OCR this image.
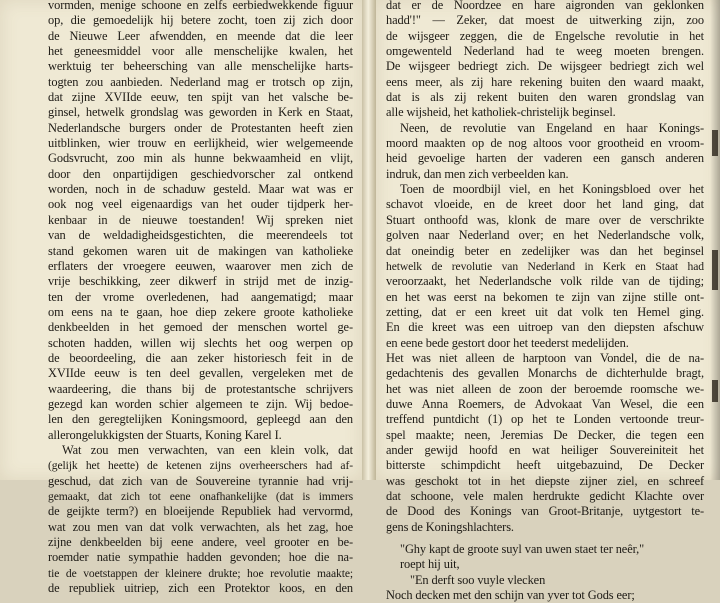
vormden, menige schoone en zelfs eerbiedwekkende figuur
op, die gemoedelijk hij betere zocht, toen zij zich door
de Nieuwe Leer afwendden, en meende dat die leer
het geneesmiddel voor alle menschelijke kwalen, het
werktuig ter beheersching van alle menschelijke harts-
togten zou aanbieden. Nederland mag er trotsch op zijn,
dat zijne XVIIde eeuw, ten spijt van het valsche be-
ginsel, hetwelk grondslag was geworden in Kerk en Staat,
Nederlandsche burgers onder de Protestanten heeft zien
uitblinken, wier trouw en eerlijkheid, wier welgemeende
Godsvrucht, zoo min als hunne bekwaamheid en vlijt,
door den onpartijdigen geschiedvorscher zal ontkend
worden, noch in de schaduw gesteld. Maar wat was er
ook nog veel eigenaardigs van het ouder tijdperk her-
kenbaar in de nieuwe toestanden! Wij spreken niet
van de weldadigheidsgestichten, die meerendeels tot
stand gekomen waren uit de makingen van katholieke
erflaters der vroegere eeuwen, waarover men zich de
vrije beschikking, zeer dikwerf in strijd met de inzig-
ten der vrome overledenen, had aangematigd; maar
om eens na te gaan, hoe diep zekere groote katholieke
denkbeelden in het gemoed der menschen wortel ge-
schoten hadden, willen wij slechts het oog werpen op
de beoordeeling, die aan zeker historiesch feit in de
XVIIde eeuw is ten deel gevallen, vergeleken met de
waardeering, die thans bij de protestantsche schrijvers
gezegd kan worden schier algemeen te zijn. Wij bedoe-
len den geregtelijken Koningsmoord, gepleegd aan den
allerongelukkigsten der Stuarts, Koning Karel I.
Wat zou men verwachten, van een klein volk, dat
(gelijk het heette) de ketenen zijns overheerschers had af-
geschud, dat zich van de Souvereine tyrannie had vrij-
gemaakt, dat zich tot eene onafhankelijke (dat is immers
de geijkte term?) en bloeijende Republiek had vervormd,
wat zou men van dat volk verwachten, als het zag, hoe
zijne denkbeelden bij eene andere, veel grooter en be-
roemder natie sympathie hadden gevonden; hoe die na-
tie de voetstappen der kleinere drukte; hoe revolutie maakte;
de republiek uitriep, zich een Protektor koos, en den
dat er de Noordzee en hare aigronden van geklonken
hadd'!" — Zeker, dat moest de uitwerking zijn, zoo
de wijsgeer zeggen, die de Engelsche revolutie in het
omgewenteld Nederland had te weeg moeten brengen.
De wijsgeer bedriegt zich. De wijsgeer bedriegt zich wel
eens meer, als zij hare rekening buiten den waard maakt,
dat is als zij rekent buiten den waren grondslag van
alle wijsheid, het katholiek-christelijk beginsel.
Neen, de revolutie van Engeland en haar Konings-
moord maakten op de nog altoos voor grootheid en vroom-
heid gevoelige harten der vaderen een gansch anderen
indruk, dan men zich verbeelden kan.
Toen de moordbijl viel, en het Koningsbloed over het
schavot vloeide, en de kreet door het land ging, dat
Stuart onthoofd was, klonk de mare over de verschrikte
golven naar Nederland over; en het Nederlandsche volk,
dat oneindig beter en zedelijker was dan het beginsel
hetwelk de revolutie van Nederland in Kerk en Staat had
veroorzaakt, het Nederlandsche volk rilde van de tijding;
en het was eerst na bekomen te zijn van zijne stille ont-
zetting, dat er een kreet uit dat volk ten Hemel ging.
En die kreet was een uitroep van den diepsten afschuw
en eene bede gestort door het teederst medelijden.
Het was niet alleen de harptoon van Vondel, die de na-
gedachtenis des gevallen Monarchs de dichterhulde bragt,
het was niet alleen de zoon der beroemde roomsche we-
duwe Anna Roemers, de Advokaat Van Wesel, die een
treffend puntdicht (1) op het te Londen vertoonde treur-
spel maakte; neen, Jeremias De Decker, die tegen een
ander gewijd hoofd en wat heiliger Souvereiniteit het
bitterste schimpdicht heeft uitgebazuind, De Decker
was geschokt tot in het diepste zijner ziel, en schreef
dat schoone, vele malen herdrukte gedicht Klachte over
de Dood des Konings van Groot-Britanje, uytgestort te-
gens de Koningshlachters.
"Ghy kapt de groote suyl van uwen staet ter neêr,"
roept hij uit,
"En derft soo vuyle vlecken
Noch decken met den schijn van yver tot Gods eer;
